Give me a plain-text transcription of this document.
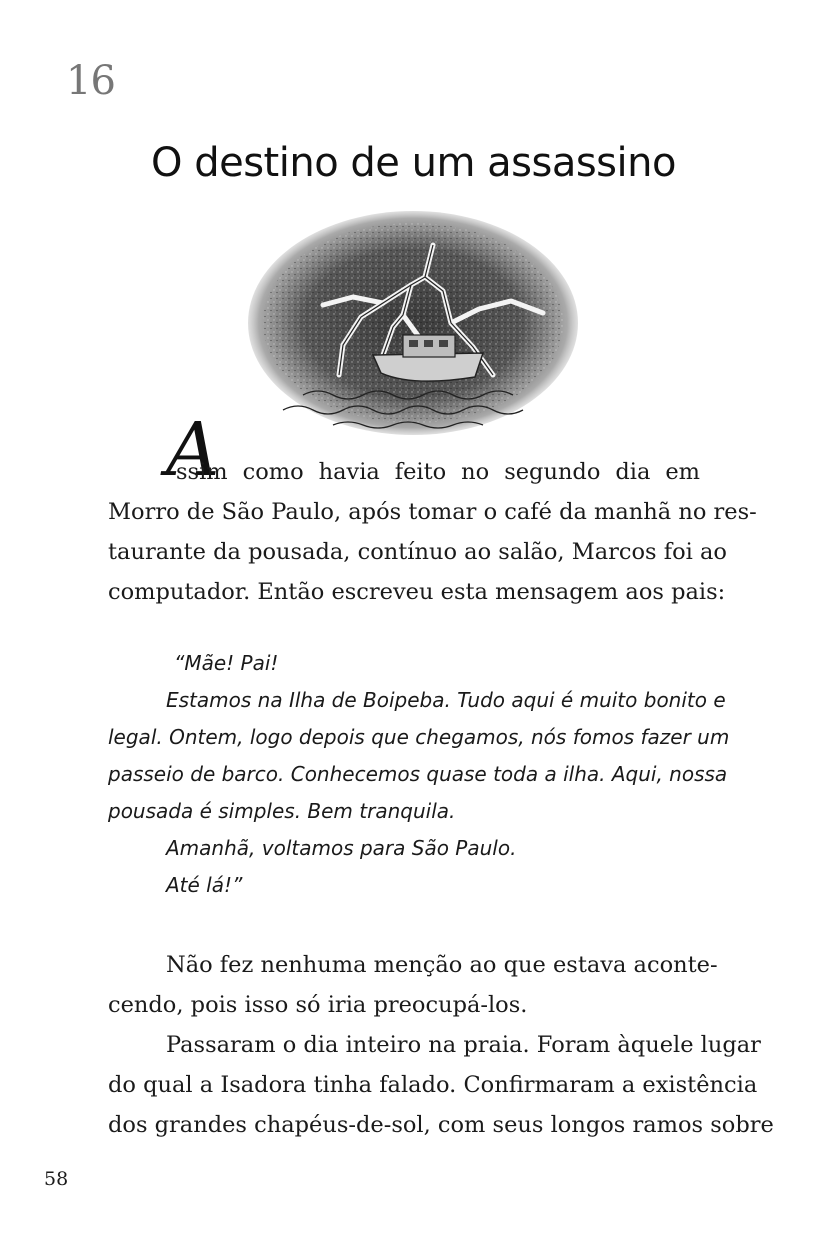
16
O destino de um assassino
A
ssim como havia feito no segundo dia em
Morro de São Paulo, após tomar o café da manhã no res-
taurante da pousada, contínuo ao salão, Marcos foi ao
computador. Então escreveu esta mensagem aos pais:
“Mãe! Pai!
Estamos na Ilha de Boipeba. Tudo aqui é muito bonito e
legal. Ontem, logo depois que chegamos, nós fomos fazer um
passeio de barco. Conhecemos quase toda a ilha. Aqui, nossa
pousada é simples. Bem tranquila.
Amanhã, voltamos para São Paulo.
Até lá!”
Não fez nenhuma menção ao que estava aconte-
cendo, pois isso só iria preocupá-los.
Passaram o dia inteiro na praia. Foram àquele lugar
do qual a Isadora tinha falado. Confirmaram a existência
dos grandes chapéus-de-sol, com seus longos ramos sobre
58
